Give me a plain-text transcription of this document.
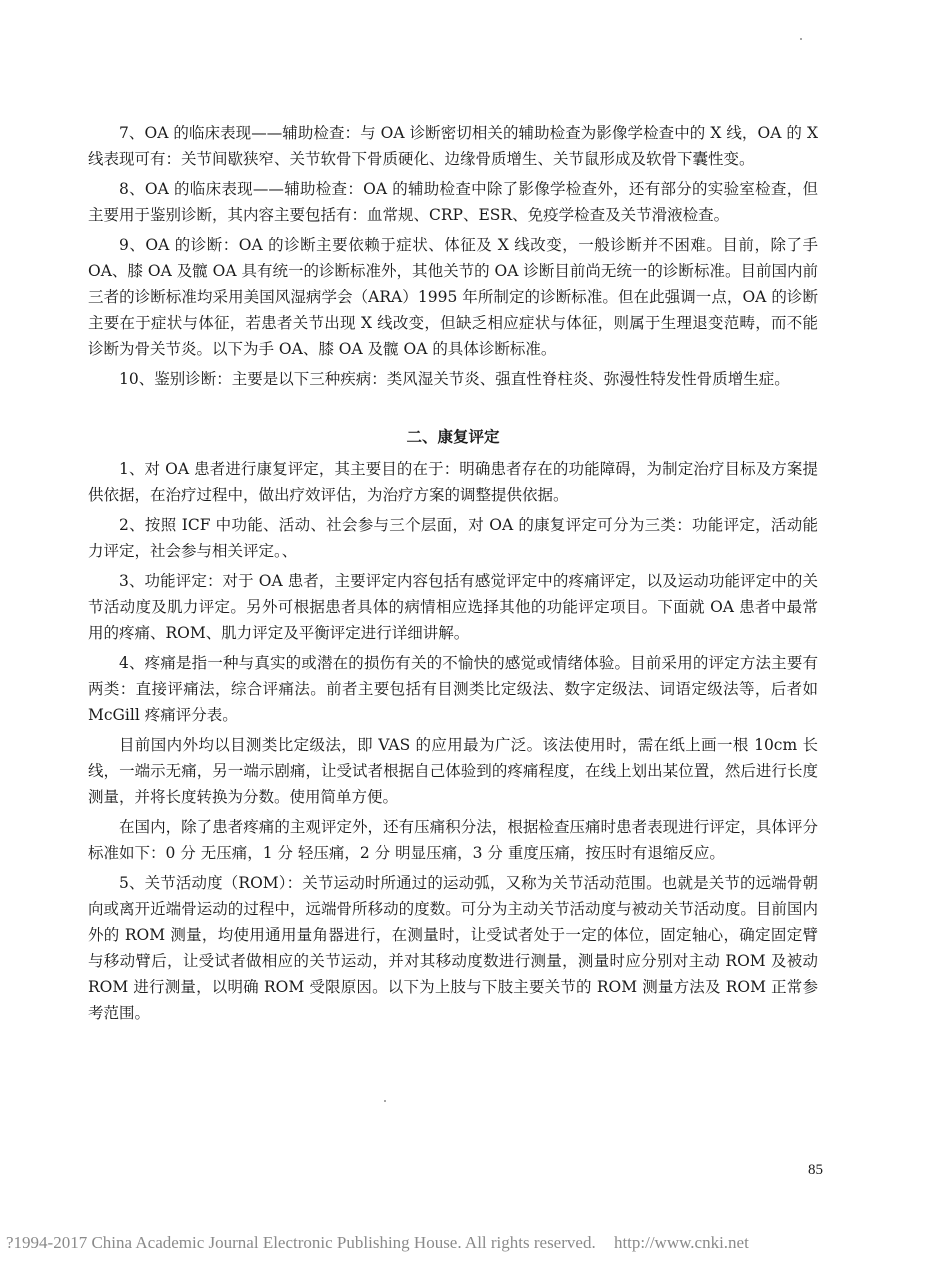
7、OA 的临床表现——辅助检查：与 OA 诊断密切相关的辅助检查为影像学检查中的 X 线，OA 的 X 线表现可有：关节间歇狭窄、关节软骨下骨质硬化、边缘骨质增生、关节鼠形成及软骨下囊性变。

8、OA 的临床表现——辅助检查：OA 的辅助检查中除了影像学检查外，还有部分的实验室检查，但主要用于鉴别诊断，其内容主要包括有：血常规、CRP、ESR、免疫学检查及关节滑液检查。

9、OA 的诊断：OA 的诊断主要依赖于症状、体征及 X 线改变，一般诊断并不困难。目前，除了手 OA、膝 OA 及髋 OA 具有统一的诊断标准外，其他关节的 OA 诊断目前尚无统一的诊断标准。目前国内前三者的诊断标准均采用美国风湿病学会（ARA）1995 年所制定的诊断标准。但在此强调一点，OA 的诊断主要在于症状与体征，若患者关节出现 X 线改变，但缺乏相应症状与体征，则属于生理退变范畴，而不能诊断为骨关节炎。以下为手 OA、膝 OA 及髋 OA 的具体诊断标准。

10、鉴别诊断：主要是以下三种疾病：类风湿关节炎、强直性脊柱炎、弥漫性特发性骨质增生症。

二、康复评定

1、对 OA 患者进行康复评定，其主要目的在于：明确患者存在的功能障碍，为制定治疗目标及方案提供依据，在治疗过程中，做出疗效评估，为治疗方案的调整提供依据。

2、按照 ICF 中功能、活动、社会参与三个层面，对 OA 的康复评定可分为三类：功能评定，活动能力评定，社会参与相关评定。、

3、功能评定：对于 OA 患者，主要评定内容包括有感觉评定中的疼痛评定，以及运动功能评定中的关节活动度及肌力评定。另外可根据患者具体的病情相应选择其他的功能评定项目。下面就 OA 患者中最常用的疼痛、ROM、肌力评定及平衡评定进行详细讲解。

4、疼痛是指一种与真实的或潜在的损伤有关的不愉快的感觉或情绪体验。目前采用的评定方法主要有两类：直接评痛法，综合评痛法。前者主要包括有目测类比定级法、数字定级法、词语定级法等，后者如 McGill 疼痛评分表。

目前国内外均以目测类比定级法，即 VAS 的应用最为广泛。该法使用时，需在纸上画一根 10cm 长线，一端示无痛，另一端示剧痛，让受试者根据自己体验到的疼痛程度，在线上划出某位置，然后进行长度测量，并将长度转换为分数。使用简单方便。

在国内，除了患者疼痛的主观评定外，还有压痛积分法，根据检查压痛时患者表现进行评定，具体评分标准如下：0 分 无压痛，1 分 轻压痛，2 分 明显压痛，3 分 重度压痛，按压时有退缩反应。

5、关节活动度（ROM）：关节运动时所通过的运动弧，又称为关节活动范围。也就是关节的远端骨朝向或离开近端骨运动的过程中，远端骨所移动的度数。可分为主动关节活动度与被动关节活动度。目前国内外的 ROM 测量，均使用通用量角器进行，在测量时，让受试者处于一定的体位，固定轴心，确定固定臂与移动臂后，让受试者做相应的关节运动，并对其移动度数进行测量，测量时应分别对主动 ROM 及被动 ROM 进行测量，以明确 ROM 受限原因。以下为上肢与下肢主要关节的 ROM 测量方法及 ROM 正常参考范围。

85
?1994-2017 China Academic Journal Electronic Publishing House. All rights reserved. http://www.cnki.net
